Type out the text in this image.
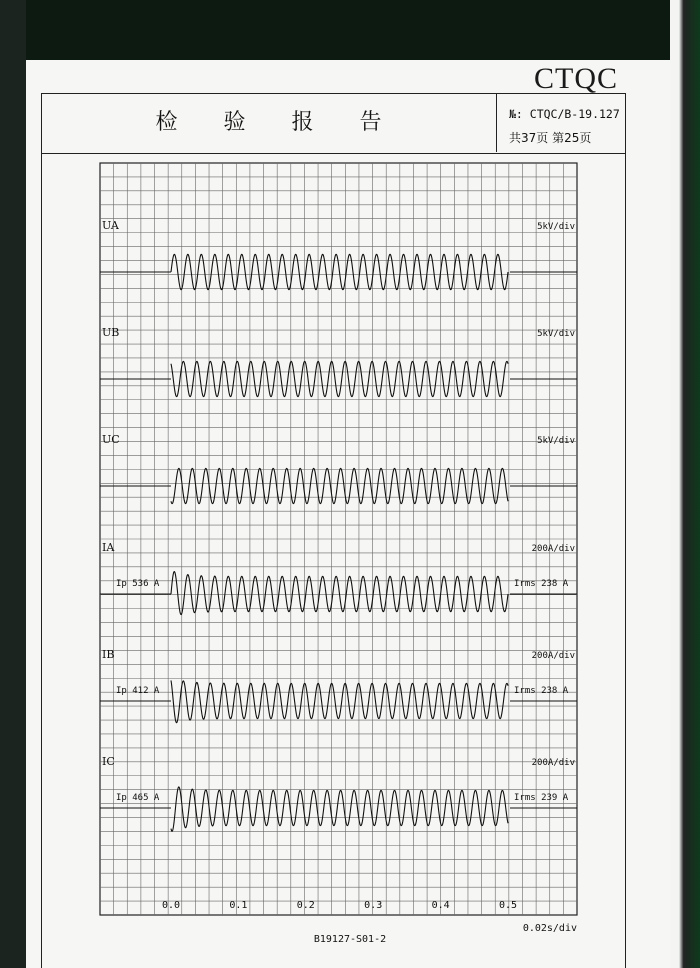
CTQC
检验报告	№: CTQC/B-19.127
共37页 第25页
0.0	0.1	0.2	0.3	0.4	0.5
0.02s/div
UA	5kV/div
UB	5kV/div
UC	5kV/div
IA	200A/div
Ip 536 A	Irms 238 A
IB	200A/div
Ip 412 A	Irms 238 A
IC	200A/div
Ip 465 A	Irms 239 A
B19127-S01-2
